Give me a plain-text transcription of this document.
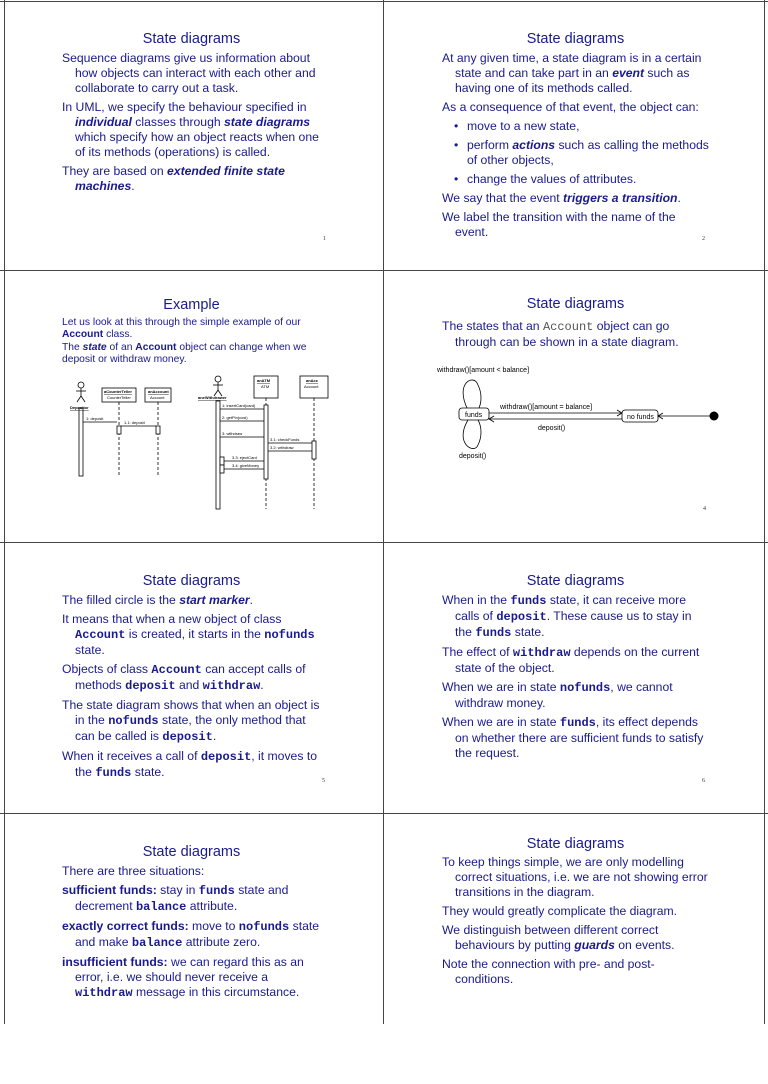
State diagrams

Sequence diagrams give us information about how objects can interact with each other and collaborate to carry out a task.

In UML, we specify the behaviour specified in individual classes through state diagrams which specify how an object reacts when one of its methods (operations) is called.

They are based on extended finite state machines.

1
State diagrams

At any given time, a state diagram is in a certain state and can take part in an event such as having one of its methods called.

As a consequence of that event, the object can:

• move to a new state,
• perform actions such as calling the methods of other objects,
• change the values of attributes.

We say that the event triggers a transition.

We label the transition with the name of the event.	2
Example

Let us look at this through the simple example of our Account class.

The state of an Account object can change when we deposit or withdraw money.

Depositor
aCounterTeller
CounterTeller
anAccount
Account
1: deposit
1.1: deposit
aneWithdrawer
anATM
ATM
anAcc
Account
1: insertCard(card)
2: getPin(cosi)
3: withdraw
3.1: checkFunds
3.2: withdraw
3.3: ejectCard
3.4: giveMoney
State diagrams

The states that an Account object can go through can be shown in a state diagram.

withdraw()[amount < balance]
funds	no funds
withdraw()[amount = balance]
deposit()
deposit()
4
State diagrams

The filled circle is the start marker.

It means that when a new object of class Account is created, it starts in the nofunds state.

Objects of class Account can accept calls of methods deposit and withdraw.

The state diagram shows that when an object is in the nofunds state, the only method that can be called is deposit.

When it receives a call of deposit, it moves to the funds state.

5
State diagrams

When in the funds state, it can receive more calls of deposit. These cause us to stay in the funds state.

The effect of withdraw depends on the current state of the object.

When we are in state nofunds, we cannot withdraw money.

When we are in state funds, its effect depends on whether there are sufficient funds to satisfy the request.

6
State diagrams

There are three situations:

sufficient funds: stay in funds state and decrement balance attribute.

exactly correct funds: move to nofunds state and make balance attribute zero.

insufficient funds: we can regard this as an error, i.e. we should never receive a withdraw message in this circumstance.

State diagrams

To keep things simple, we are only modelling correct situations, i.e. we are not showing error transitions in the diagram.

They would greatly complicate the diagram.

We distinguish between different correct behaviours by putting guards on events.

Note the connection with pre- and post-conditions.
